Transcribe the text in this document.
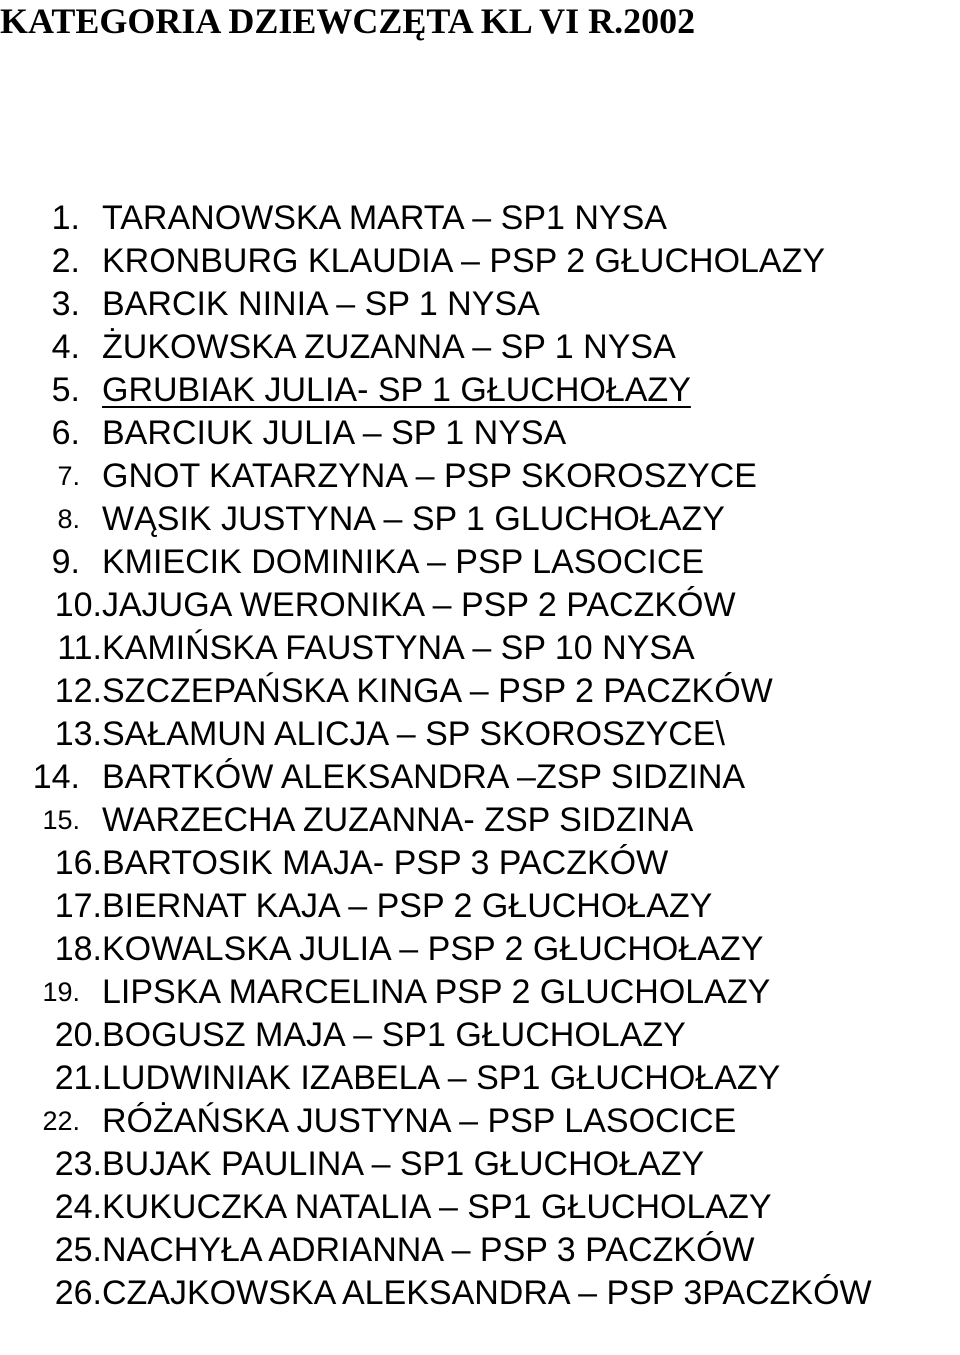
KATEGORIA DZIEWCZĘTA KL VI R.2002
1. TARANOWSKA MARTA – SP1 NYSA
2. KRONBURG KLAUDIA – PSP 2 GŁUCHOLAZY
3. BARCIK NINIA – SP 1 NYSA
4. ŻUKOWSKA ZUZANNA – SP 1 NYSA
5. GRUBIAK JULIA- SP 1 GŁUCHOŁAZY
6. BARCIUK JULIA – SP 1 NYSA
7. GNOT KATARZYNA – PSP SKOROSZYCE
8. WĄSIK JUSTYNA – SP 1 GLUCHOŁAZY
9. KMIECIK DOMINIKA – PSP LASOCICE
10. JAJUGA WERONIKA – PSP 2 PACZKÓW
11. KAMIŃSKA FAUSTYNA – SP 10 NYSA
12. SZCZEPAŃSKA KINGA – PSP 2 PACZKÓW
13. SAŁAMUN ALICJA – SP SKOROSZYCE\
14. BARTKÓW ALEKSANDRA –ZSP SIDZINA
15. WARZECHA ZUZANNA- ZSP SIDZINA
16. BARTOSIK MAJA- PSP 3 PACZKÓW
17. BIERNAT KAJA – PSP 2 GŁUCHOŁAZY
18. KOWALSKA JULIA – PSP 2 GŁUCHOŁAZY
19. LIPSKA MARCELINA PSP 2 GLUCHOLAZY
20. BOGUSZ MAJA – SP1 GŁUCHOLAZY
21. LUDWINIAK IZABELA – SP1 GŁUCHOŁAZY
22. RÓŻAŃSKA JUSTYNA – PSP LASOCICE
23. BUJAK PAULINA – SP1 GŁUCHOŁAZY
24. KUKUCZKA NATALIA – SP1 GŁUCHOLAZY
25. NACHYŁA ADRIANNA – PSP 3 PACZKÓW
26. CZAJKOWSKA ALEKSANDRA – PSP 3PACZKÓW
